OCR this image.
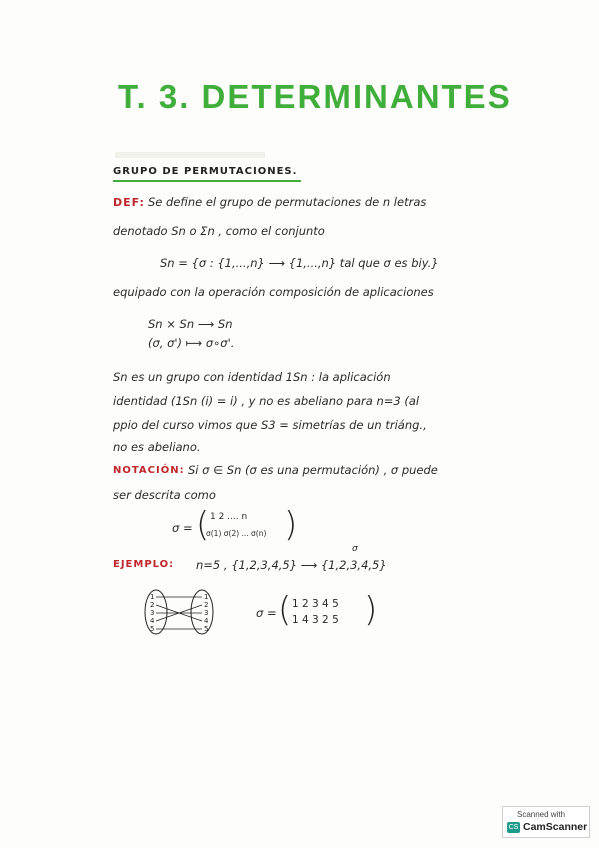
T. 3. DETERMINANTES
GRUPO DE PERMUTACIONES.
DEF: Se define el grupo de permutaciones de n letras
denotado Sn o Σn , como el conjunto
Sn = {σ : {1,...,n} ⟶ {1,...,n} tal que σ es biy.}
equipado con la operación composición de aplicaciones
Sn × Sn ⟶ Sn
(σ, σ') ⟼ σ∘σ'.
Sn es un grupo con identidad 1Sn : la aplicación
identidad (1Sn (i) = i) , y no es abeliano para n=3 (al
ppio del curso vimos que S3 = simetrías de un triáng.,
no es abeliano.
NOTACIÓN: Si σ ∈ Sn (σ es una permutación) , σ puede
ser descrita como
σ = ( 1 2 .... n
σ(1) σ(2) ... σ(n) )
EJEMPLO: n=5 , {1,2,3,4,5} ⟶ {1,2,3,4,5}
σ
1
2
3
4
5
1
2
3
4
5
σ = ( 1 2 3 4 5
1 4 3 2 5 )
Scanned with
CS CamScanner
